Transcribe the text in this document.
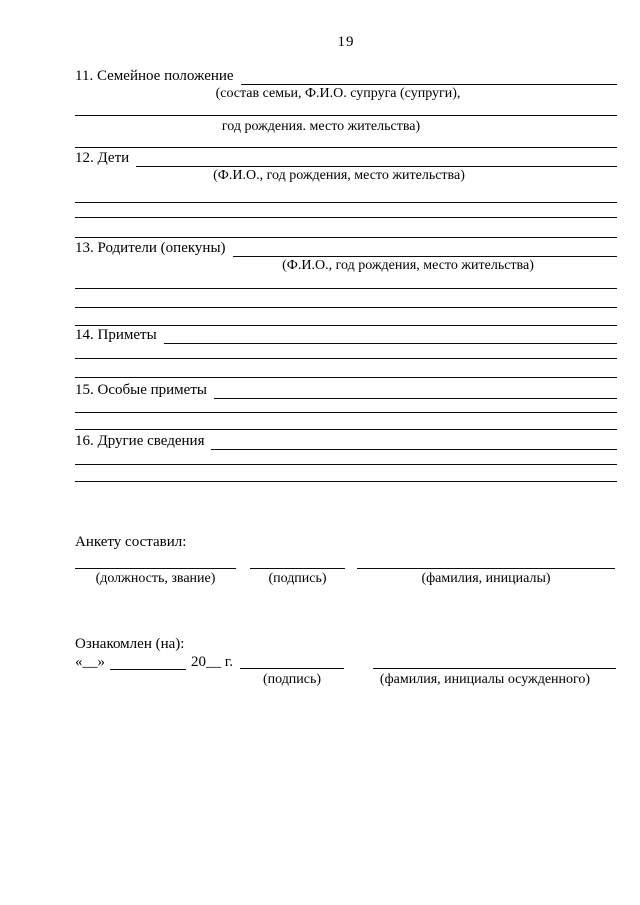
19
11. Семейное положение
(состав семьи, Ф.И.О. супруга (супруги),
год рождения. место жительства)
12. Дети
(Ф.И.О., год рождения, место жительства)
13. Родители (опекуны)
(Ф.И.О., год рождения, место жительства)
14. Приметы
15. Особые приметы
16. Другие сведения
Анкету составил:
(должность, звание)	(подпись)	(фамилия, инициалы)
Ознакомлен (на):
«__»	20__ г.
(подпись)	(фамилия, инициалы осужденного)
